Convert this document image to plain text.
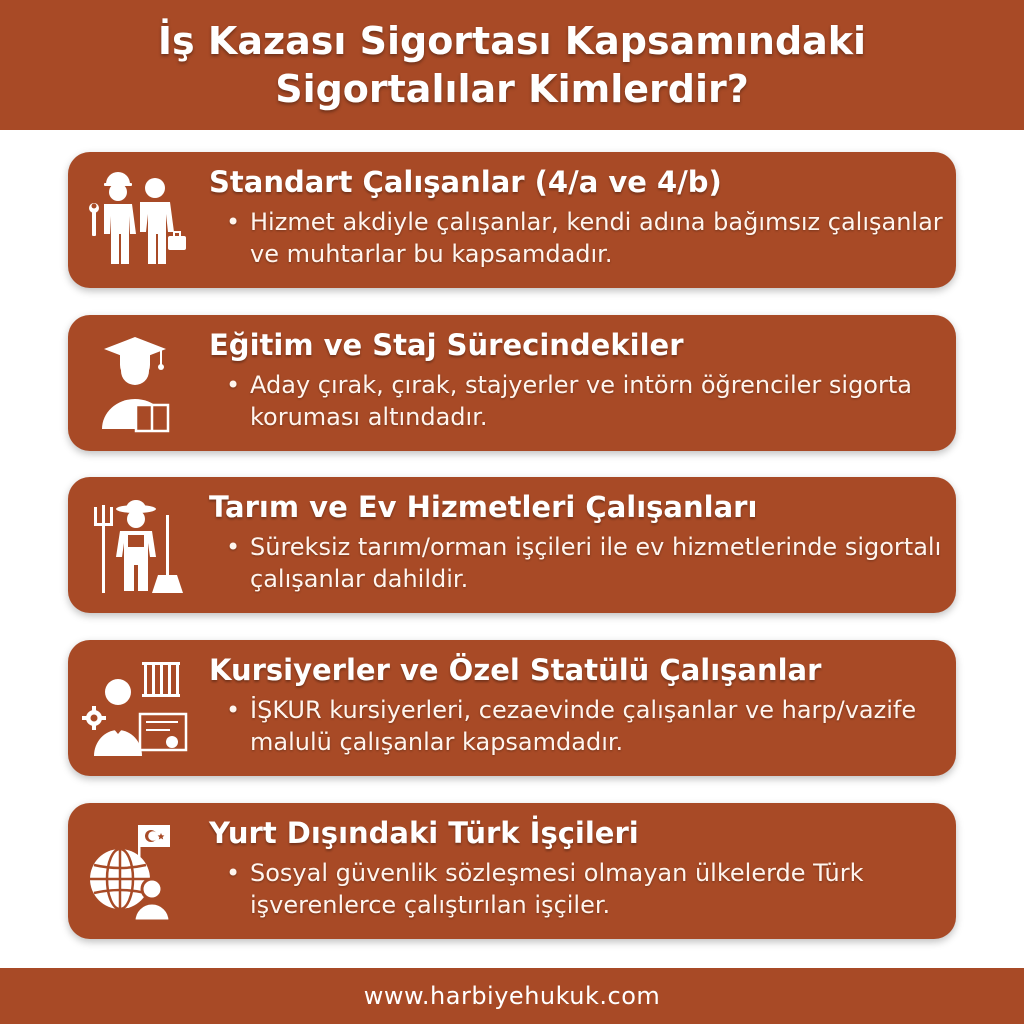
İş Kazası Sigortası Kapsamındaki
Sigortalılar Kimlerdir?
Standart Çalışanlar (4/a ve 4/b)
• Hizmet akdiyle çalışanlar, kendi adına bağımsız çalışanlar ve muhtarlar bu kapsamdadır.
Eğitim ve Staj Sürecindekiler
• Aday çırak, çırak, stajyerler ve intörn öğrenciler sigorta koruması altındadır.
Tarım ve Ev Hizmetleri Çalışanları
• Süreksiz tarım/orman işçileri ile ev hizmetlerinde sigortalı çalışanlar dahildir.
Kursiyerler ve Özel Statülü Çalışanlar
• İŞKUR kursiyerleri, cezaevinde çalışanlar ve harp/vazife malulü çalışanlar kapsamdadır.
Yurt Dışındaki Türk İşçileri
• Sosyal güvenlik sözleşmesi olmayan ülkelerde Türk işverenlerce çalıştırılan işçiler.
www.harbiyehukuk.com
